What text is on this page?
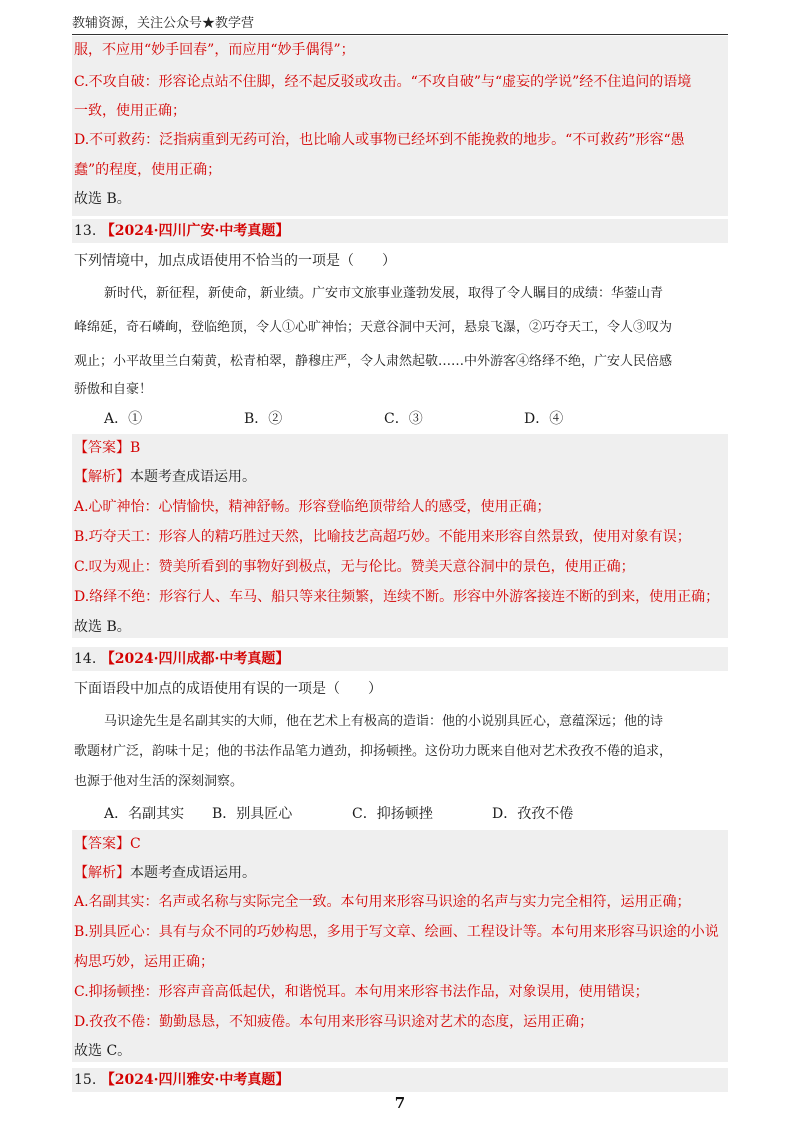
教辅资源，关注公众号★教学营
服，不应用“妙手回春”，而应用“妙手偶得”；
C.不攻自破：形容论点站不住脚，经不起反驳或攻击。“不攻自破”与“虚妄的学说”经不住追问的语境
一致，使用正确；
D.不可救药：泛指病重到无药可治，也比喻人或事物已经坏到不能挽救的地步。“不可救药”形容“愚
蠢”的程度，使用正确；
故选 B。
13. 【2024·四川广安·中考真题】
下列情境中，加点成语使用不恰当的一项是（　　）
新时代，新征程，新使命，新业绩。广安市文旅事业蓬勃发展，取得了令人瞩目的成绩：华蓥山青
峰绵延，奇石嶙峋，登临绝顶，令人①心旷神怡；天意谷洞中天河，悬泉飞瀑，②巧夺天工，令人③叹为
观止；小平故里兰白菊黄，松青柏翠，静穆庄严，令人肃然起敬……中外游客④络绎不绝，广安人民倍感
骄傲和自豪！
A．①	B．②	C．③	D．④
【答案】B
【解析】本题考查成语运用。
A.心旷神怡：心情愉快，精神舒畅。形容登临绝顶带给人的感受，使用正确；
B.巧夺天工：形容人的精巧胜过天然，比喻技艺高超巧妙。不能用来形容自然景致，使用对象有误；
C.叹为观止：赞美所看到的事物好到极点，无与伦比。赞美天意谷洞中的景色，使用正确；
D.络绎不绝：形容行人、车马、船只等来往频繁，连续不断。形容中外游客接连不断的到来，使用正确；
故选 B。
14. 【2024·四川成都·中考真题】
下面语段中加点的成语使用有误的一项是（　　）
马识途先生是名副其实的大师，他在艺术上有极高的造诣：他的小说别具匠心，意蕴深远；他的诗
歌题材广泛，韵味十足；他的书法作品笔力遒劲，抑扬顿挫。这份功力既来自他对艺术孜孜不倦的追求，
也源于他对生活的深刻洞察。
A．名副其实 B．别具匠心	C．抑扬顿挫	D．孜孜不倦
【答案】C
【解析】本题考查成语运用。
A.名副其实：名声或名称与实际完全一致。本句用来形容马识途的名声与实力完全相符，运用正确；
B.别具匠心：具有与众不同的巧妙构思，多用于写文章、绘画、工程设计等。本句用来形容马识途的小说
构思巧妙，运用正确；
C.抑扬顿挫：形容声音高低起伏，和谐悦耳。本句用来形容书法作品，对象误用，使用错误；
D.孜孜不倦：勤勤恳恳，不知疲倦。本句用来形容马识途对艺术的态度，运用正确；
故选 C。
15. 【2024·四川雅安·中考真题】
7
